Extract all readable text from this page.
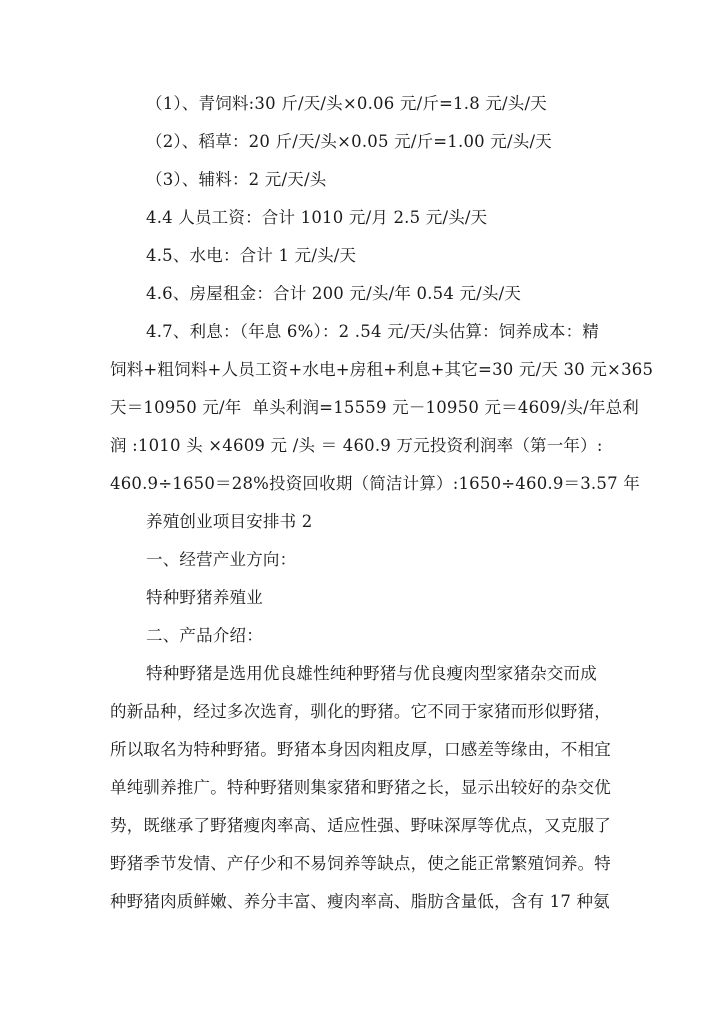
（1）、青饲料:30 斤/天/头×0.06 元/斤=1.8 元/头/天
（2）、稻草：20 斤/天/头×0.05 元/斤=1.00 元/头/天
（3）、辅料：2 元/天/头
4.4 人员工资：合计 1010 元/月 2.5 元/头/天
4.5、水电：合计 1 元/头/天
4.6、房屋租金：合计 200 元/头/年 0.54 元/头/天
4.7、利息：（年息 6%）：2 .54 元/天/头估算：饲养成本：精
饲料+粗饲料+人员工资+水电+房租+利息+其它=30 元/天 30 元×365
天＝10950 元/年  单头利润=15559 元－10950 元＝4609/头/年总利
润 :1010 头 ×4609 元 /头 ＝ 460.9 万元投资利润率（第一年）:
460.9÷1650＝28%投资回收期（简洁计算）:1650÷460.9＝3.57 年
养殖创业项目安排书 2
一、经营产业方向：
特种野猪养殖业
二、产品介绍：
特种野猪是选用优良雄性纯种野猪与优良瘦肉型家猪杂交而成
的新品种，经过多次选育，驯化的野猪。它不同于家猪而形似野猪，
所以取名为特种野猪。野猪本身因肉粗皮厚，口感差等缘由，不相宜
单纯驯养推广。特种野猪则集家猪和野猪之长，显示出较好的杂交优
势，既继承了野猪瘦肉率高、适应性强、野味深厚等优点，又克服了
野猪季节发情、产仔少和不易饲养等缺点，使之能正常繁殖饲养。特
种野猪肉质鲜嫩、养分丰富、瘦肉率高、脂肪含量低，含有 17 种氨
